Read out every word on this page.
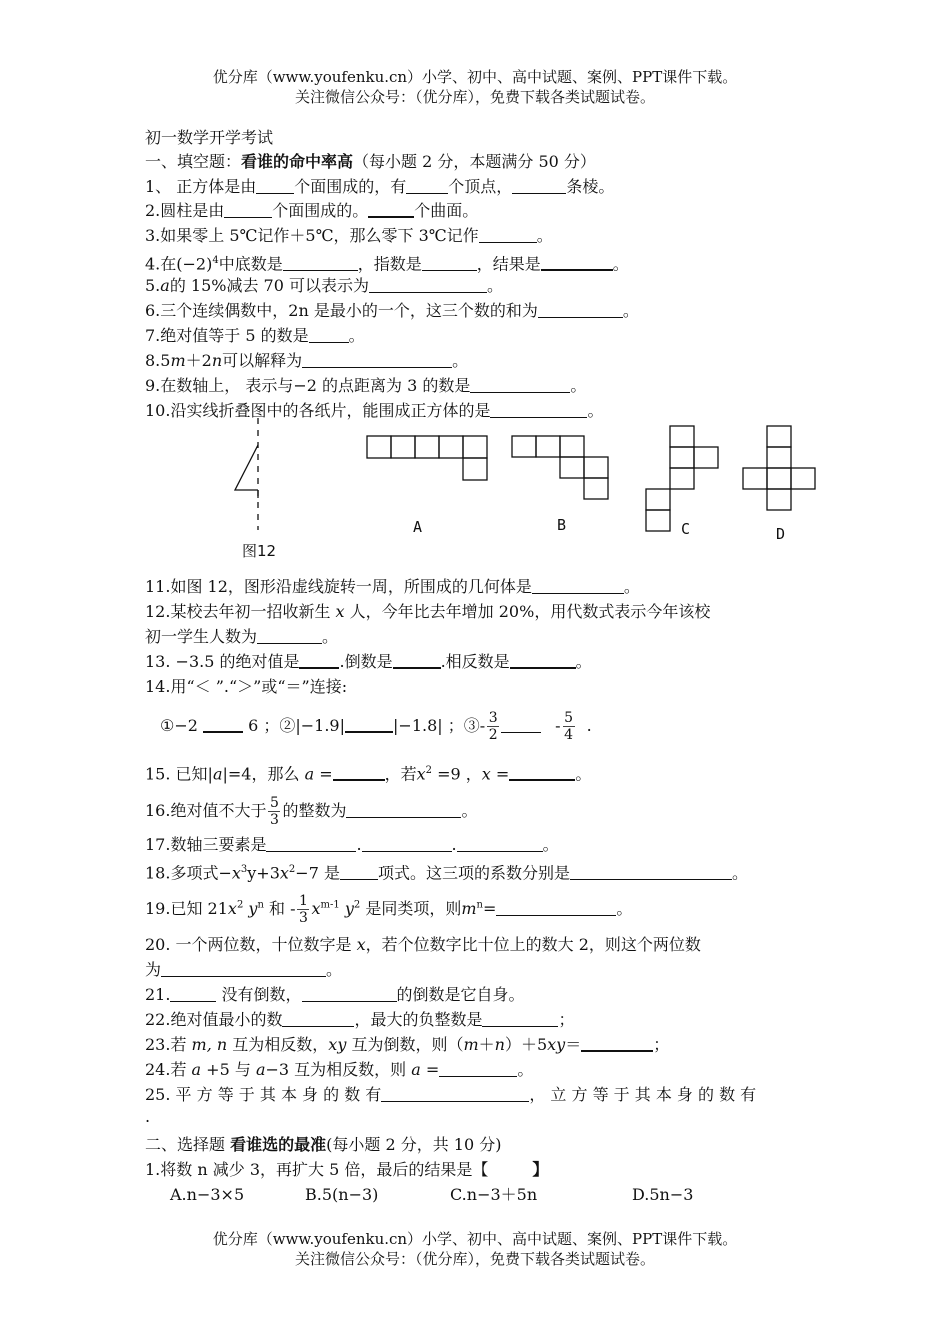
优分库（www.youfenku.cn）小学、初中、高中试题、案例、PPT课件下载。
关注微信公众号：（优分库），免费下载各类试题试卷。
初一数学开学考试
一、填空题：看谁的命中率高（每小题 2 分，本题满分 50 分）
1、 正方体是由 个面围成的，有	个顶点，	条棱。
2.圆柱是由	个面围成的。	个曲面。
3.如果零上 5℃记作＋5℃，那么零下 3℃记作	。
4.在$(-2)^4$中底数是	，指数是	，结果是	。
5.a的 15%减去 70 可以表示为	。
6.三个连续偶数中，2n 是最小的一个，这三个数的和为	。
7.绝对值等于 5 的数是	。
8.5m＋2n可以解释为	。
9.在数轴上， 表示与−2 的点距离为 3 的数是	。
10.沿实线折叠图中的各纸片，能围成正方体的是	。
A	B	C	D
图12
11.如图 12，图形沿虚线旋转一周，所围成的几何体是	。
12.某校去年初一招收新生 x 人，今年比去年增加 20%，用代数式表示今年该校
初一学生人数为	。
13. −3.5 的绝对值是	.倒数是	.相反数是	。
14.用“＜ ”.“＞”或“＝”连接:
①−2	6 ；②|−1.9|	|−1.8| ；③- $\frac{3}{2}$	- $\frac{5}{4}$ .
15. 已知|a|=4，那么 a =	，若$x^2 =9$ ，x =	。
16.绝对值不大于 $\frac{5}{3}$ 的整数为	。
17.数轴三要素是	.	.	。
18.多项式$-x^3y+3x^2-7$ 是 项式。这三项的系数分别是	。
19.已知 $21x^2$ $y^n$ 和 - $\frac{1}{3} x^{m-1}$ $y^2$ 是同类项，则$m^n=$	。
20. 一个两位数，十位数字是 x，若个位数字比十位上的数大 2，则这个两位数
为	。
21.	没有倒数，	的倒数是它自身。
22.绝对值最小的数	，最大的负整数是	；
23.若 m, n 互为相反数，xy 互为倒数，则（m＋n）＋5xy＝	；
24.若 a +5 与 a−3 互为相反数，则 a =	。
25. 平 方 等 于 其 本 身 的 数 有	， 立 方 等 于 其 本 身 的 数 有
.
二、选择题 看谁选的最准(每小题 2 分，共 10 分)
1.将数 n 减少 3，再扩大 5 倍，最后的结果是【	】
A.n−3×5	B.5(n−3)	C.n−3＋5n	D.5n−3
优分库（www.youfenku.cn）小学、初中、高中试题、案例、PPT课件下载。
关注微信公众号：（优分库），免费下载各类试题试卷。
